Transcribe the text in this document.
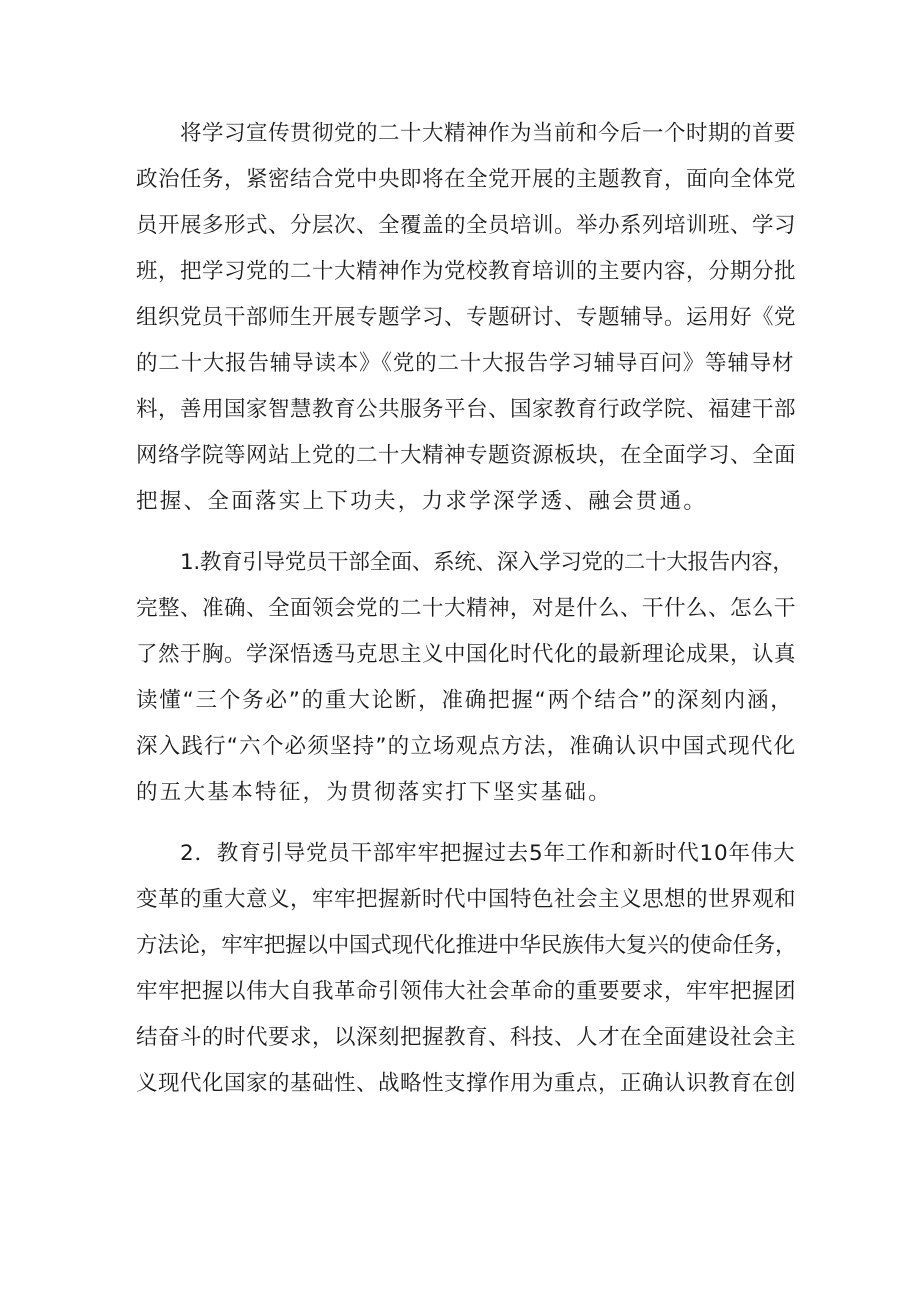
将学习宣传贯彻党的二十大精神作为当前和今后一个时期的首要
政治任务，紧密结合党中央即将在全党开展的主题教育，面向全体党
员开展多形式、分层次、全覆盖的全员培训。举办系列培训班、学习
班，把学习党的二十大精神作为党校教育培训的主要内容，分期分批
组织党员干部师生开展专题学习、专题研讨、专题辅导。运用好《党
的二十大报告辅导读本》《党的二十大报告学习辅导百问》等辅导材
料，善用国家智慧教育公共服务平台、国家教育行政学院、福建干部
网络学院等网站上党的二十大精神专题资源板块，在全面学习、全面
把握、全面落实上下功夫，力求学深学透、融会贯通。
1.教育引导党员干部全面、系统、深入学习党的二十大报告内容，
完整、准确、全面领会党的二十大精神，对是什么、干什么、怎么干
了然于胸。学深悟透马克思主义中国化时代化的最新理论成果，认真
读懂“三个务必”的重大论断，准确把握“两个结合”的深刻内涵，
深入践行“六个必须坚持”的立场观点方法，准确认识中国式现代化
的五大基本特征，为贯彻落实打下坚实基础。
2．教育引导党员干部牢牢把握过去5年工作和新时代10年伟大
变革的重大意义，牢牢把握新时代中国特色社会主义思想的世界观和
方法论，牢牢把握以中国式现代化推进中华民族伟大复兴的使命任务，
牢牢把握以伟大自我革命引领伟大社会革命的重要要求，牢牢把握团
结奋斗的时代要求，以深刻把握教育、科技、人才在全面建设社会主
义现代化国家的基础性、战略性支撑作用为重点，正确认识教育在创
